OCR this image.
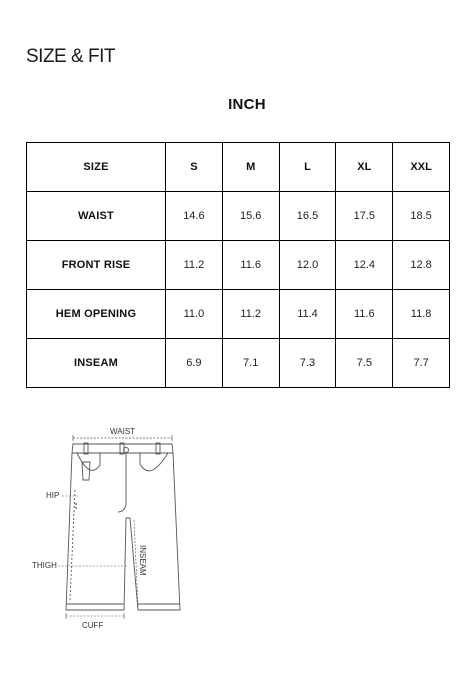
SIZE & FIT
INCH
SIZE	S	M	L	XL	XXL
WAIST	14.6	15.6	16.5	17.5	18.5
FRONT RISE	11.2	11.6	12.0	12.4	12.8
HEM OPENING	11.0	11.2	11.4	11.6	11.8
INSEAM	6.9	7.1	7.3	7.5	7.7
WAIST
HIP
THIGH	INSEAM
CUFF
